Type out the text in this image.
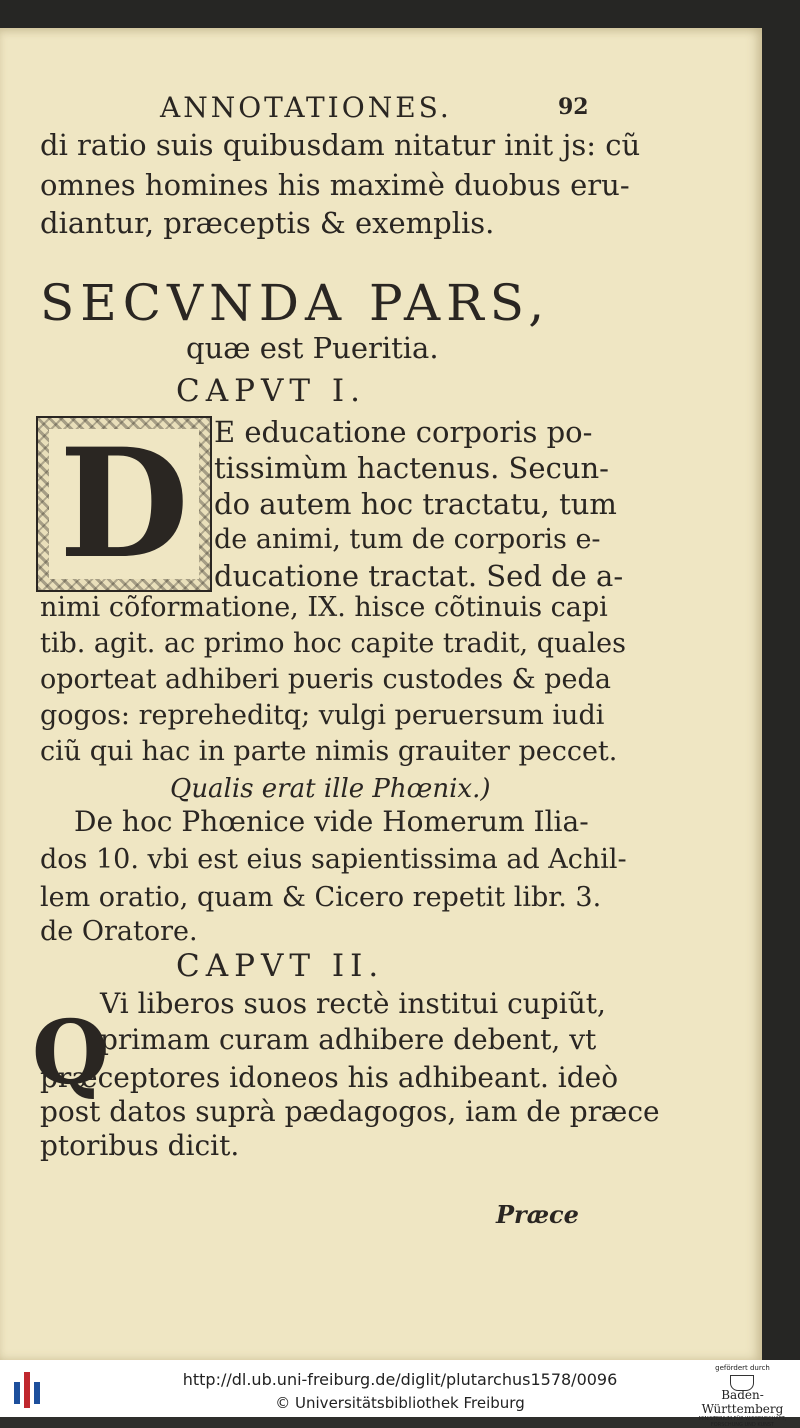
ANNOTATIONES.	92
di ratio suis quibusdam nitatur init js: cũ
omnes homines his maximè duobus eru-
diantur, præceptis & exemplis.
SECVNDA PARS,
quæ est Pueritia.
CAPVT I.
D E educatione corporis po-
tissimùm hactenus. Secun-
do autem hoc tractatu, tum
de animi, tum de corporis e-
ducatione tractat. Sed de a-
nimi cõformatione, IX. hisce cõtinuis capi
tib. agit. ac primo hoc capite tradit, quales
oporteat adhiberi pueris custodes & peda
gogos: repreheditq; vulgi peruersum iudi
ciũ qui hac in parte nimis grauiter peccet.
Qualis erat ille Phœnix.)
De hoc Phœnice vide Homerum Ilia-
dos 10. vbi est eius sapientissima ad Achil-
lem oratio, quam & Cicero repetit libr. 3.
de Oratore.
CAPVT II.
Q
Vi liberos suos rectè institui cupiũt,
primam curam adhibere debent, vt
præceptores idoneos his adhibeant. ideò
post datos suprà pædagogos, iam de præce
ptoribus dicit.
Præce
http://dl.ub.uni-freiburg.de/diglit/plutarchus1578/0096
© Universitätsbibliothek Freiburg
gefördert durch
Baden-Württemberg
MINISTERIUM FÜR WISSENSCHAFT, FORSCHUNG UND KUNST
